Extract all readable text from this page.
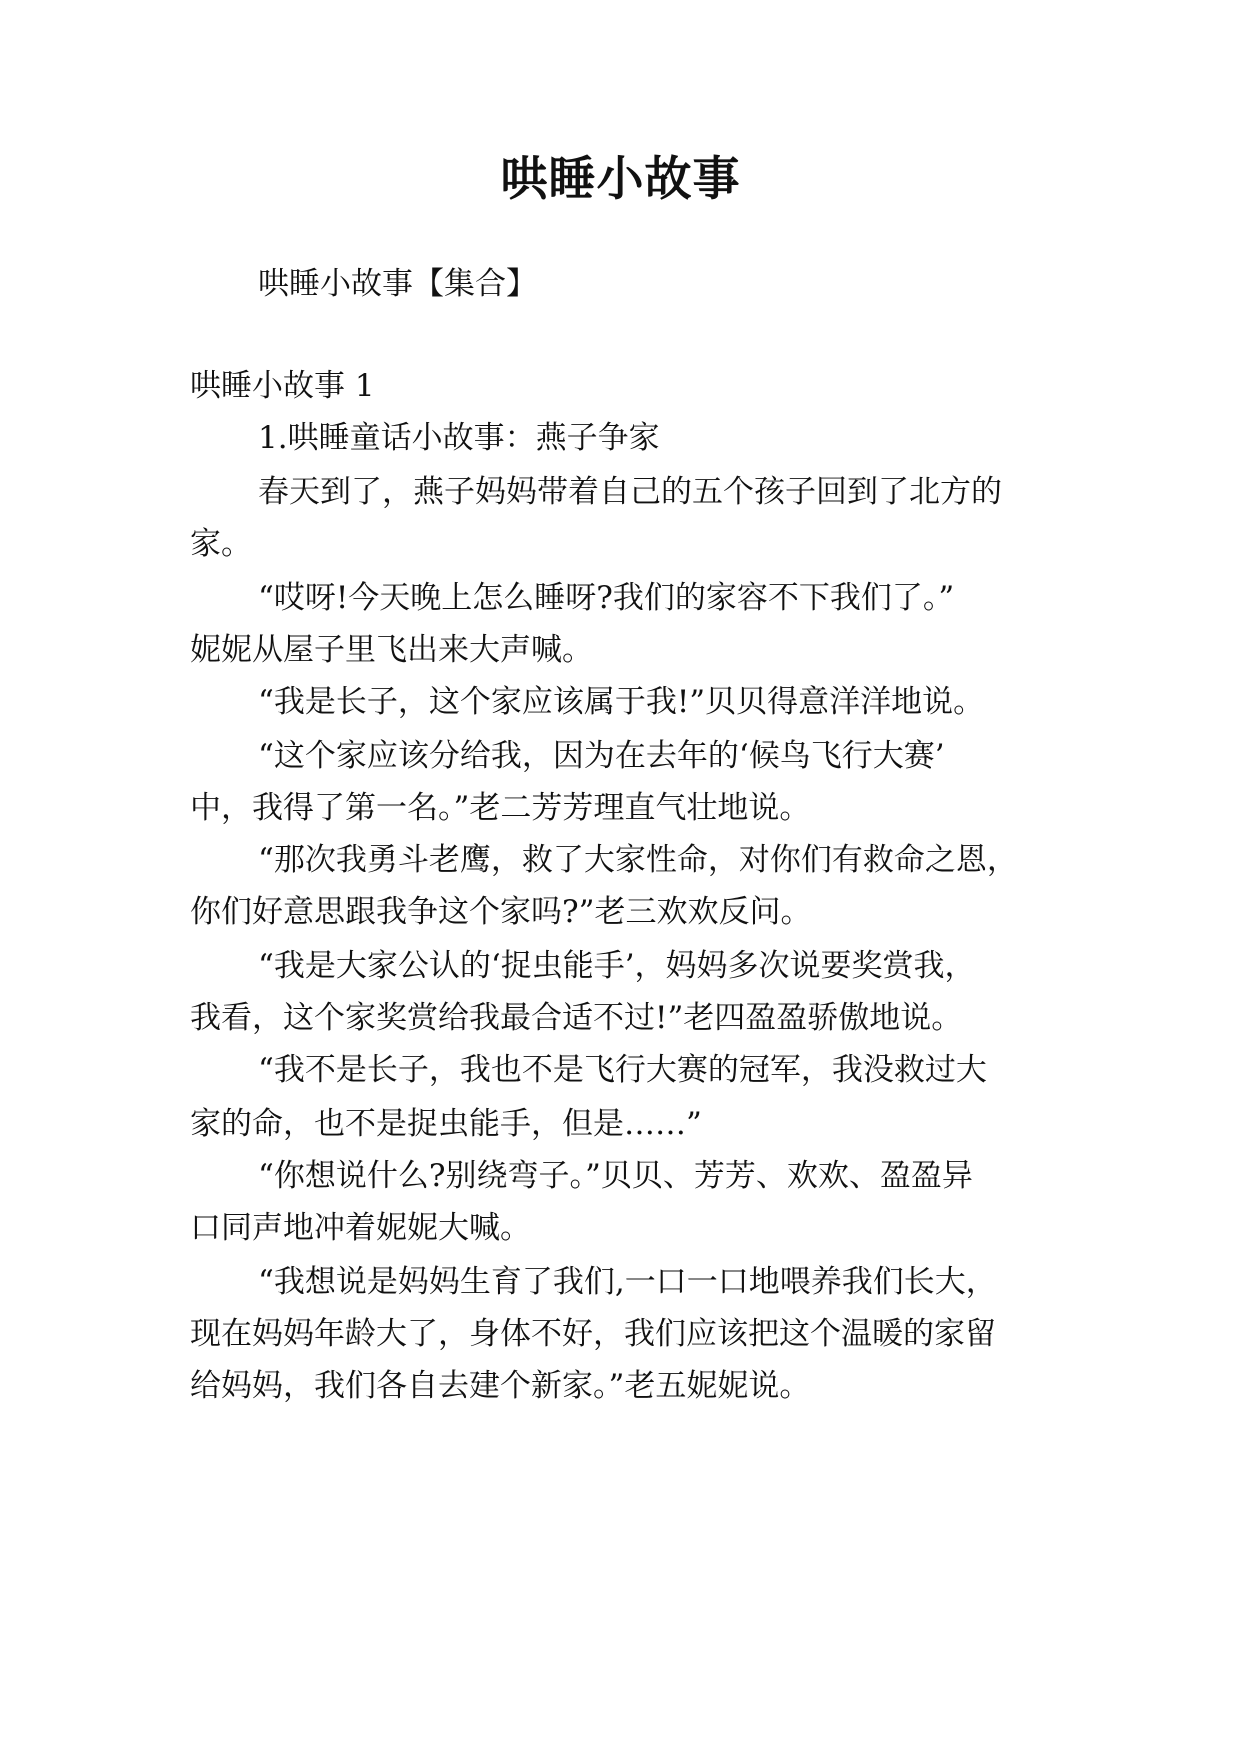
哄睡小故事
哄睡小故事【集合】
哄睡小故事 1
1.哄睡童话小故事：燕子争家
春天到了，燕子妈妈带着自己的五个孩子回到了北方的
家。
“哎呀!今天晚上怎么睡呀?我们的家容不下我们了。”
妮妮从屋子里飞出来大声喊。
“我是长子，这个家应该属于我!”贝贝得意洋洋地说。
“这个家应该分给我，因为在去年的‘候鸟飞行大赛’
中，我得了第一名。”老二芳芳理直气壮地说。
“那次我勇斗老鹰，救了大家性命，对你们有救命之恩，
你们好意思跟我争这个家吗?”老三欢欢反问。
“我是大家公认的‘捉虫能手’，妈妈多次说要奖赏我，
我看，这个家奖赏给我最合适不过!”老四盈盈骄傲地说。
“我不是长子，我也不是飞行大赛的冠军，我没救过大
家的命，也不是捉虫能手，但是……”
“你想说什么?别绕弯子。”贝贝、芳芳、欢欢、盈盈异
口同声地冲着妮妮大喊。
“我想说是妈妈生育了我们,一口一口地喂养我们长大，
现在妈妈年龄大了，身体不好，我们应该把这个温暖的家留
给妈妈，我们各自去建个新家。”老五妮妮说。
